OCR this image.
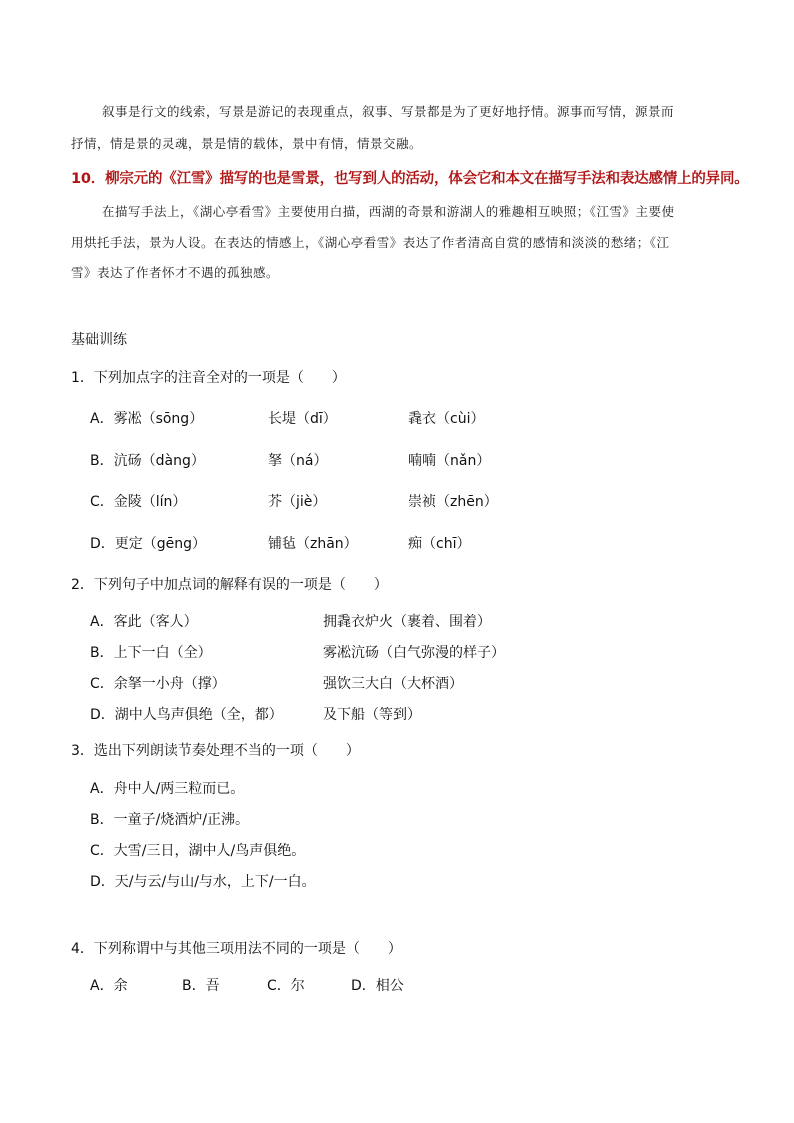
叙事是行文的线索，写景是游记的表现重点，叙事、写景都是为了更好地抒情。源事而写情，源景而
抒情，情是景的灵魂，景是情的载体，景中有情，情景交融。
10．柳宗元的《江雪》描写的也是雪景，也写到人的活动，体会它和本文在描写手法和表达感情上的异同。
在描写手法上，《湖心亭看雪》主要使用白描，西湖的奇景和游湖人的雅趣相互映照；《江雪》主要使
用烘托手法，景为人设。在表达的情感上，《湖心亭看雪》表达了作者清高自赏的感情和淡淡的愁绪；《江
雪》表达了作者怀才不遇的孤独感。
基础训练
1．下列加点字的注音全对的一项是（　　）
A．雾凇（sōng）	长堤（dī）	毳衣（cùi）
B．沆砀（dàng）	拏（ná）	喃喃（nǎn）
C．金陵（lín）	芥（jiè）	崇祯（zhēn）
D．更定（gēng）	铺毡（zhān）	痴（chī）
2．下列句子中加点词的解释有误的一项是（　　）
A．客此（客人）	拥毳衣炉火（裹着、围着）
B．上下一白（全）	雾凇沆砀（白气弥漫的样子）
C．余拏一小舟（撑）	强饮三大白（大杯酒）
D．湖中人鸟声俱绝（全，都）	及下船（等到）
3．选出下列朗读节奏处理不当的一项（　　）
A．舟中人/两三粒而已。
B．一童子/烧酒炉/正沸。
C．大雪/三日，湖中人/鸟声俱绝。
D．天/与云/与山/与水，上下/一白。
4．下列称谓中与其他三项用法不同的一项是（　　）
A．余	B．吾	C．尔	D．相公
